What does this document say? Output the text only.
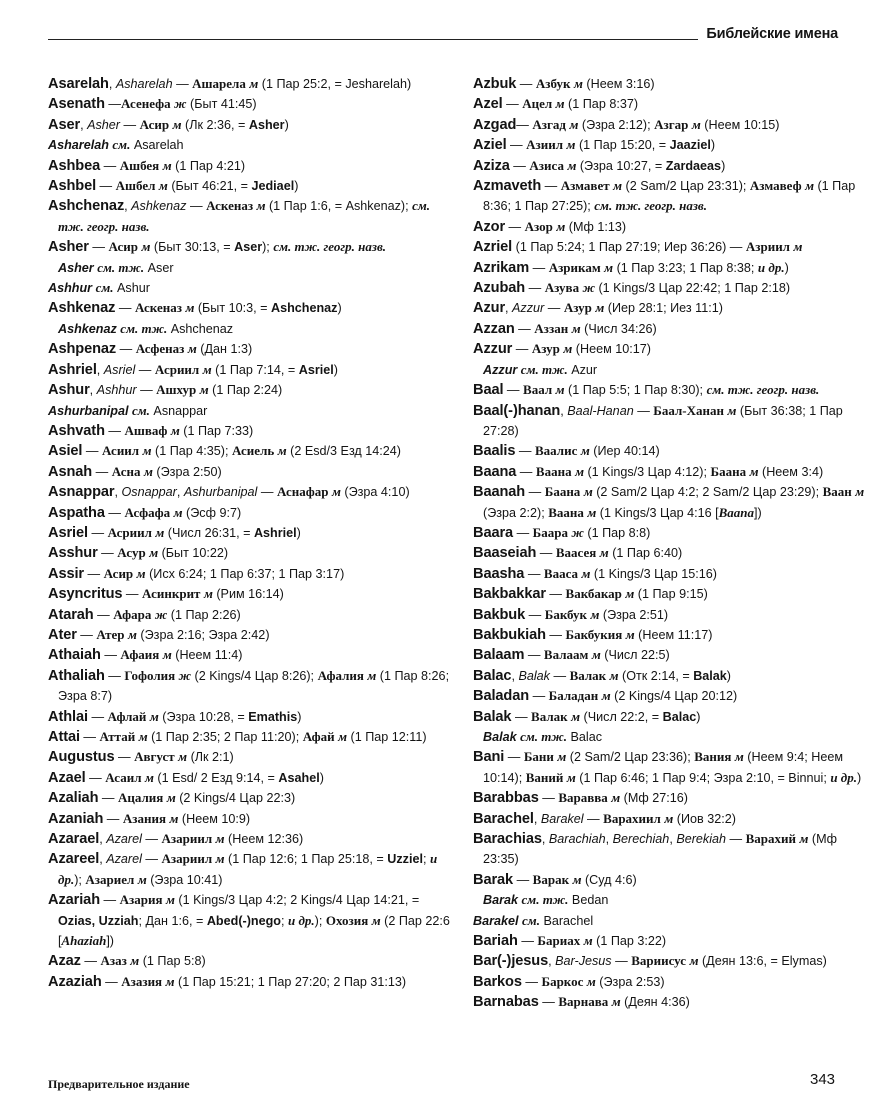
Библейские имена

Asarelah, Asharelah — Ашарела м (1 Пар 25:2, = Jesharelah)

Asenath —Асенефа ж (Быт 41:45)

Aser, Asher — Асир м (Лк 2:36, = Asher)

Asharelah см. Asarelah

Ashbea — Ашбея м (1 Пар 4:21)

Ashbel — Ашбел м (Быт 46:21, = Jediael)

Ashchenaz, Ashkenaz — Аскеназ м (1 Пар 1:6, = Ashkenaz); см. тж. геогр. назв.

Asher — Асир м (Быт 30:13, = Aser); см. тж. геогр. назв.

Asher см. тж. Aser

Ashhur см. Ashur

Ashkenaz — Аскеназ м (Быт 10:3, = Ashchenaz)

Ashkenaz см. тж. Ashchenaz

Ashpenaz — Асфеназ м (Дан 1:3)

Ashriel, Asriel — Асриил м (1 Пар 7:14, = Asriel)

Ashur, Ashhur — Ашхур м (1 Пар 2:24)

Ashurbanipal см. Asnappar

Ashvath — Ашваф м (1 Пар 7:33)

Asiel — Асиил м (1 Пар 4:35); Асиель м (2 Esd/3 Езд 14:24)

Asnah — Асна м (Эзра 2:50)

Asnappar, Osnappar, Ashurbanipal — Аснафар м (Эзра 4:10)

Aspatha — Асфафа м (Эсф 9:7)

Asriel — Асриил м (Числ 26:31, = Ashriel)

Asshur — Асур м (Быт 10:22)

Assir — Асир м (Исх 6:24; 1 Пар 6:37; 1 Пар 3:17)

Asyncritus — Асинкрит м (Рим 16:14)

Atarah — Афара ж (1 Пар 2:26)

Ater — Атер м (Эзра 2:16; Эзра 2:42)

Athaiah — Афаия м (Неем 11:4)

Athaliah — Гофолия ж (2 Kings/4 Цар 8:26); Афалия м (1 Пар 8:26; Эзра 8:7)

Athlai — Афлай м (Эзра 10:28, = Emathis)

Attai — Аттай м (1 Пар 2:35; 2 Пар 11:20); Афай м (1 Пар 12:11)

Augustus — Август м (Лк 2:1)

Azael — Асаил м (1 Esd/ 2 Езд 9:14, = Asahel)

Azaliah — Ацалия м (2 Kings/4 Цар 22:3)

Azaniah — Азания м (Неем 10:9)

Azarael, Azarel — Азариил м (Неем 12:36)

Azareel, Azarel — Азариил м (1 Пар 12:6; 1 Пар 25:18, = Uzziel; и др.); Азариел м (Эзра 10:41)

Azariah — Азария м (1 Kings/3 Цар 4:2; 2 Kings/4 Цар 14:21, = Ozias, Uzziah; Дан 1:6, = Abed(-)nego; и др.); Охозия м (2 Пар 22:6 [Ahaziah])

Azaz — Азаз м (1 Пар 5:8)

Azaziah — Азазия м (1 Пар 15:21; 1 Пар 27:20; 2 Пар 31:13)

Azbuk — Азбук м (Неем 3:16)

Azel — Ацел м (1 Пар 8:37)

Azgad— Азгад м (Эзра 2:12); Азгар м (Неем 10:15)

Aziel — Азиил м (1 Пар 15:20, = Jaaziel)

Aziza — Азиса м (Эзра 10:27, = Zardaeas)

Azmaveth — Азмавет м (2 Sam/2 Цар 23:31); Азмавеф м (1 Пар 8:36; 1 Пар 27:25); см. тж. геогр. назв.

Azor — Азор м (Мф 1:13)

Azriel (1 Пар 5:24; 1 Пар 27:19; Иер 36:26) — Азриил м

Azrikam — Азрикам м (1 Пар 3:23; 1 Пар 8:38; и др.)

Azubah — Азува ж (1 Kings/3 Цар 22:42; 1 Пар 2:18)

Azur, Azzur — Азур м (Иер 28:1; Иез 11:1)

Azzan — Аззан м (Числ 34:26)

Azzur — Азур м (Неем 10:17)

Azzur см. тж. Azur

Baal — Ваал м (1 Пар 5:5; 1 Пар 8:30); см. тж. геогр. назв.

Baal(-)hanan, Baal-Hanan — Баал-Ханан м (Быт 36:38; 1 Пар 27:28)

Baalis — Ваалис м (Иер 40:14)

Baana — Ваана м (1 Kings/3 Цар 4:12); Баана м (Неем 3:4)

Baanah — Баана м (2 Sam/2 Цар 4:2; 2 Sam/2 Цар 23:29); Ваан м (Эзра 2:2); Ваана м (1 Kings/3 Цар 4:16 [Baana])

Baara — Баара ж (1 Пар 8:8)

Baaseiah — Ваасея м (1 Пар 6:40)

Baasha — Вааса м (1 Kings/3 Цар 15:16)

Bakbakkar — Вакбакар м (1 Пар 9:15)

Bakbuk — Бакбук м (Эзра 2:51)

Bakbukiah — Бакбукия м (Неем 11:17)

Balaam — Валаам м (Числ 22:5)

Balac, Balak — Валак м (Отк 2:14, = Balak)

Baladan — Баладан м (2 Kings/4 Цар 20:12)

Balak — Валак м (Числ 22:2, = Balac)

Balak см. тж. Balac

Bani — Бани м (2 Sam/2 Цар 23:36); Вания м (Неем 9:4; Неем 10:14); Ваний м (1 Пар 6:46; 1 Пар 9:4; Эзра 2:10, = Binnui; и др.)

Barabbas — Варавва м (Мф 27:16)

Barachel, Barakel — Варахиил м (Иов 32:2)

Barachias, Barachiah, Berechiah, Berekiah — Варахий м (Мф 23:35)

Barak — Варак м (Суд 4:6)

Barak см. тж. Bedan

Barakel см. Barachel

Bariah — Бариах м (1 Пар 3:22)

Bar(-)jesus, Bar-Jesus — Вариисус м (Деян 13:6, = Elymas)

Barkos — Баркос м (Эзра 2:53)

Barnabas — Варнава м (Деян 4:36)

Предварительное издание	343
